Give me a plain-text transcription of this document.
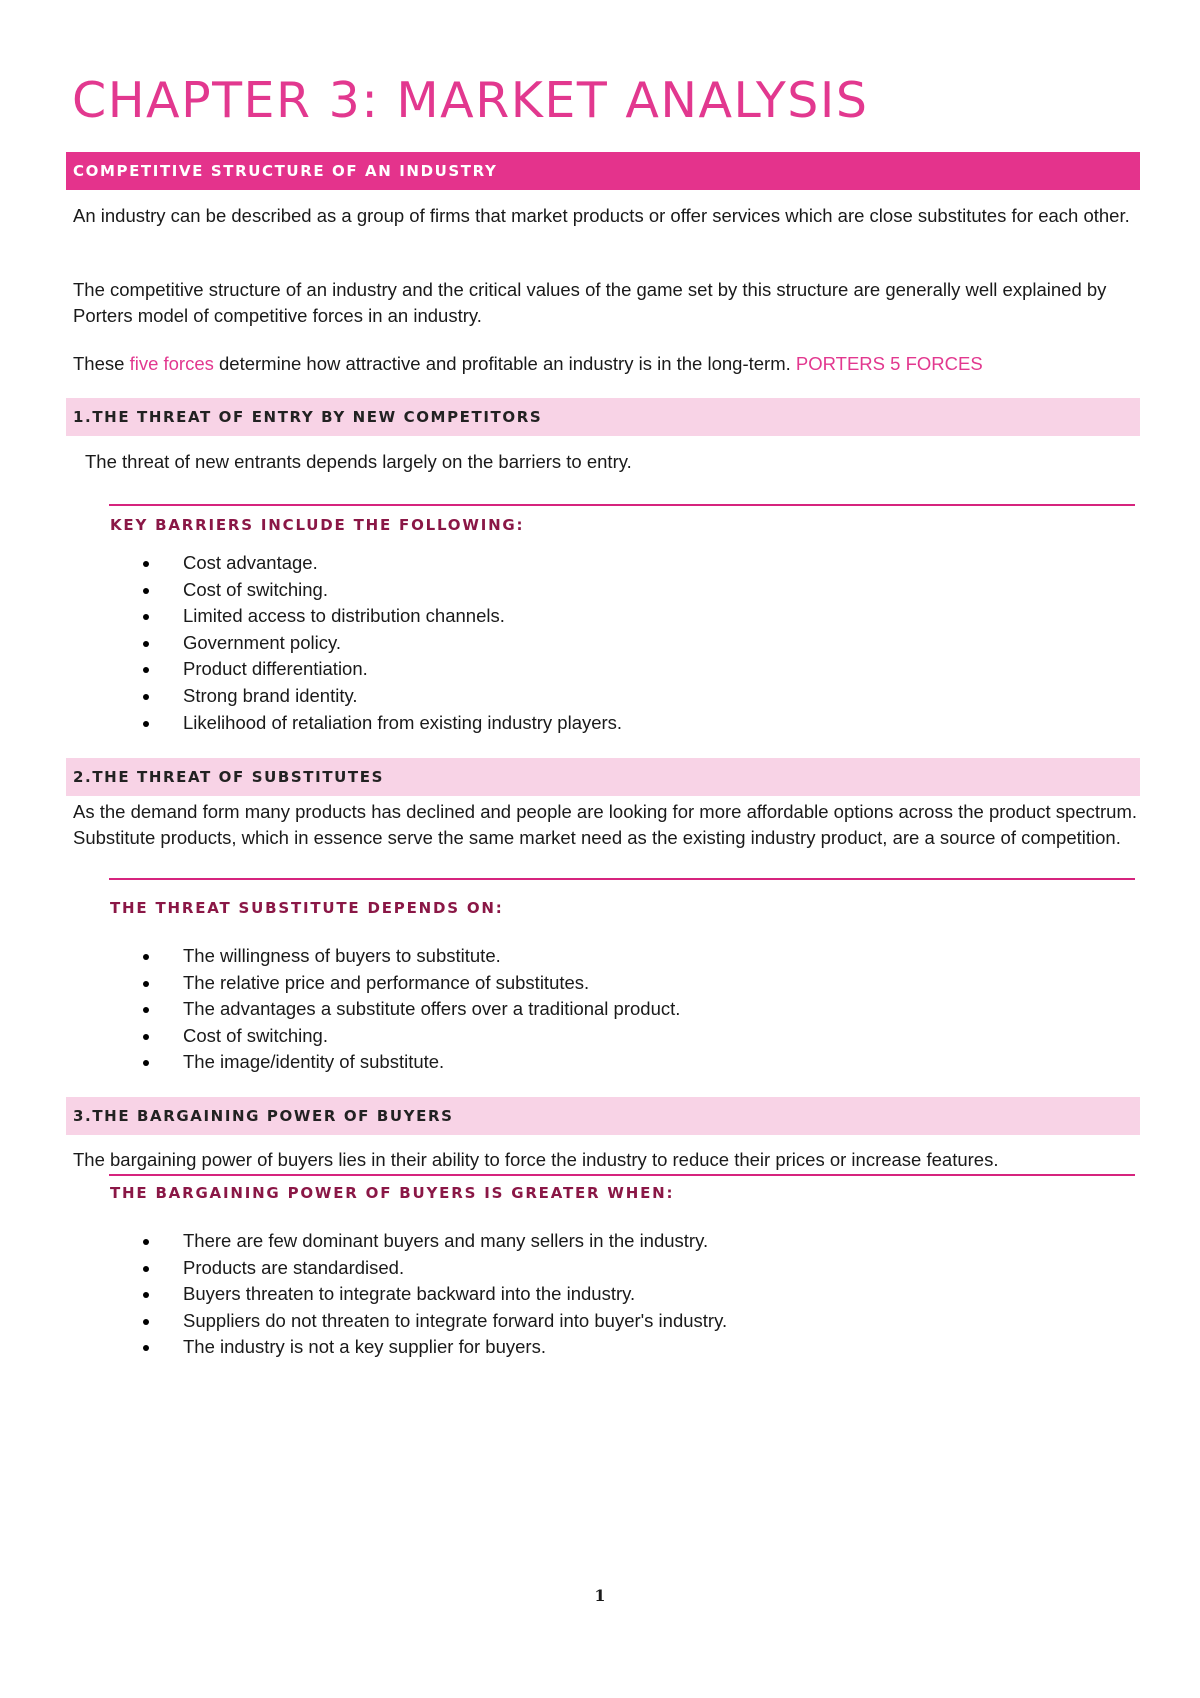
CHAPTER 3: MARKET ANALYSIS
COMPETITIVE STRUCTURE OF AN INDUSTRY

An industry can be described as a group of firms that market products or offer services which are close substitutes for each other.

The competitive structure of an industry and the critical values of the game set by this structure are generally well explained by Porters model of competitive forces in an industry.

These five forces determine how attractive and profitable an industry is in the long-term. PORTERS 5 FORCES

1.THE THREAT OF ENTRY BY NEW COMPETITORS

The threat of new entrants depends largely on the barriers to entry.

KEY BARRIERS INCLUDE THE FOLLOWING:
Cost advantage.
Cost of switching.
Limited access to distribution channels.
Government policy.
Product differentiation.
Strong brand identity.
Likelihood of retaliation from existing industry players.
2.THE THREAT OF SUBSTITUTES

As the demand form many products has declined and people are looking for more affordable options across the product spectrum. Substitute products, which in essence serve the same market need as the existing industry product, are a source of competition.

THE THREAT SUBSTITUTE DEPENDS ON:
The willingness of buyers to substitute.
The relative price and performance of substitutes.
The advantages a substitute offers over a traditional product.
Cost of switching.
The image/identity of substitute.
3.THE BARGAINING POWER OF BUYERS

The bargaining power of buyers lies in their ability to force the industry to reduce their prices or increase features.

THE BARGAINING POWER OF BUYERS IS GREATER WHEN:
There are few dominant buyers and many sellers in the industry.
Products are standardised.
Buyers threaten to integrate backward into the industry.
Suppliers do not threaten to integrate forward into buyer's industry.
The industry is not a key supplier for buyers.
1
